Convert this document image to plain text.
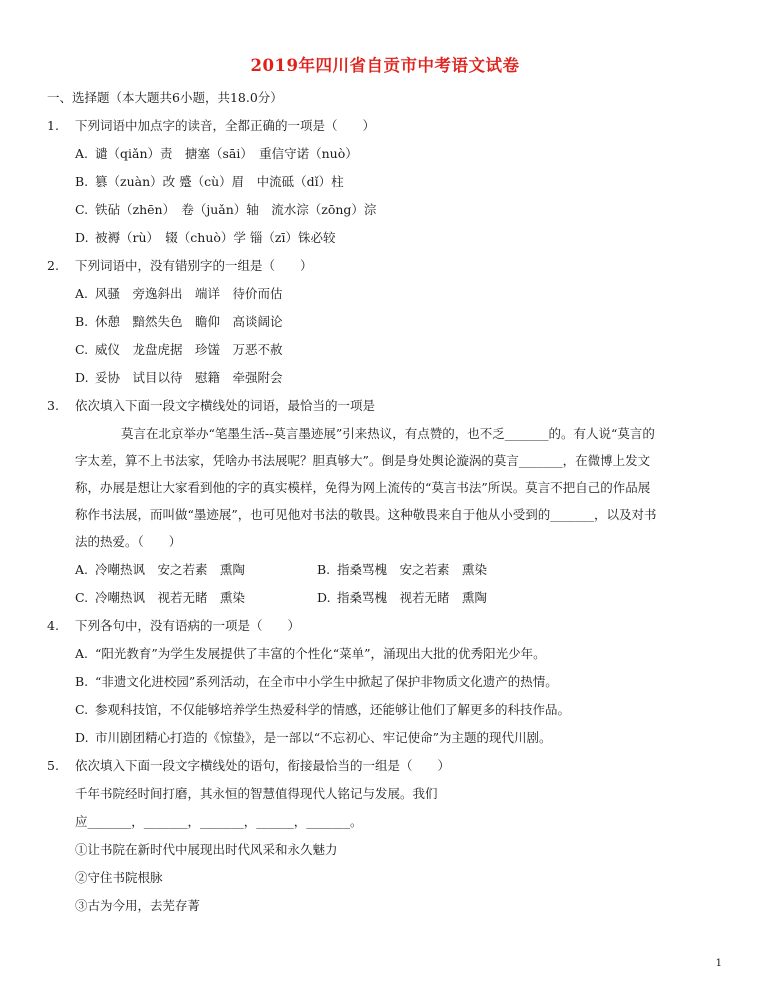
2019年四川省自贡市中考语文试卷
一、选择题（本大题共6小题，共18.0分）
1. 下列词语中加点字的读音，全都正确的一项是（　　）
A. 谴（qiǎn）责　搪塞（sāi）　重信守诺（nuò）
B. 篡（zuàn）改 蹙（cù）眉　中流砥（dǐ）柱
C. 铁砧（zhēn）　卷（juǎn）轴　流水淙（zōng）淙
D. 被褥（rù）　辍（chuò）学 锱（zī）铢必较
2. 下列词语中，没有错别字的一组是（　　）
A. 风骚　旁逸斜出　端详　待价而估
B. 休憩　黯然失色　瞻仰　高谈阔论
C. 威仪　龙盘虎据　珍馐　万恶不赦
D. 妥协　试目以待　慰籍　牵强附会
3. 依次填入下面一段文字横线处的词语，最恰当的一项是
莫言在北京举办“笔墨生活--莫言墨迹展”引来热议，有点赞的，也不乏_______的。有人说“莫言的
字太差，算不上书法家，凭啥办书法展呢？胆真够大”。倒是身处舆论漩涡的莫言_______，在微博上发文
称，办展是想让大家看到他的字的真实模样，免得为网上流传的“莫言书法”所误。莫言不把自己的作品展
称作书法展，而叫做“墨迹展”，也可见他对书法的敬畏。这种敬畏来自于他从小受到的_______，以及对书
法的热爱。（　　）
A. 冷嘲热讽　安之若素　熏陶	B. 指桑骂槐　安之若素　熏染
C. 冷嘲热讽　视若无睹　熏染	D. 指桑骂槐　视若无睹　熏陶
4. 下列各句中，没有语病的一项是（　　）
A. “阳光教育”为学生发展提供了丰富的个性化“菜单”，涌现出大批的优秀阳光少年。
B. “非遗文化进校园”系列活动，在全市中小学生中掀起了保护非物质文化遗产的热情。
C. 参观科技馆，不仅能够培养学生热爱科学的情感，还能够让他们了解更多的科技作品。
D. 市川剧团精心打造的《惊蛰》，是一部以“不忘初心、牢记使命”为主题的现代川剧。
5. 依次填入下面一段文字横线处的语句，衔接最恰当的一组是（　　）
千年书院经时间打磨，其永恒的智慧值得现代人铭记与发展。我们
应_______，_______，_______，______，_______。
①让书院在新时代中展现出时代风采和永久魅力
②守住书院根脉
③古为今用，去芜存菁
1
